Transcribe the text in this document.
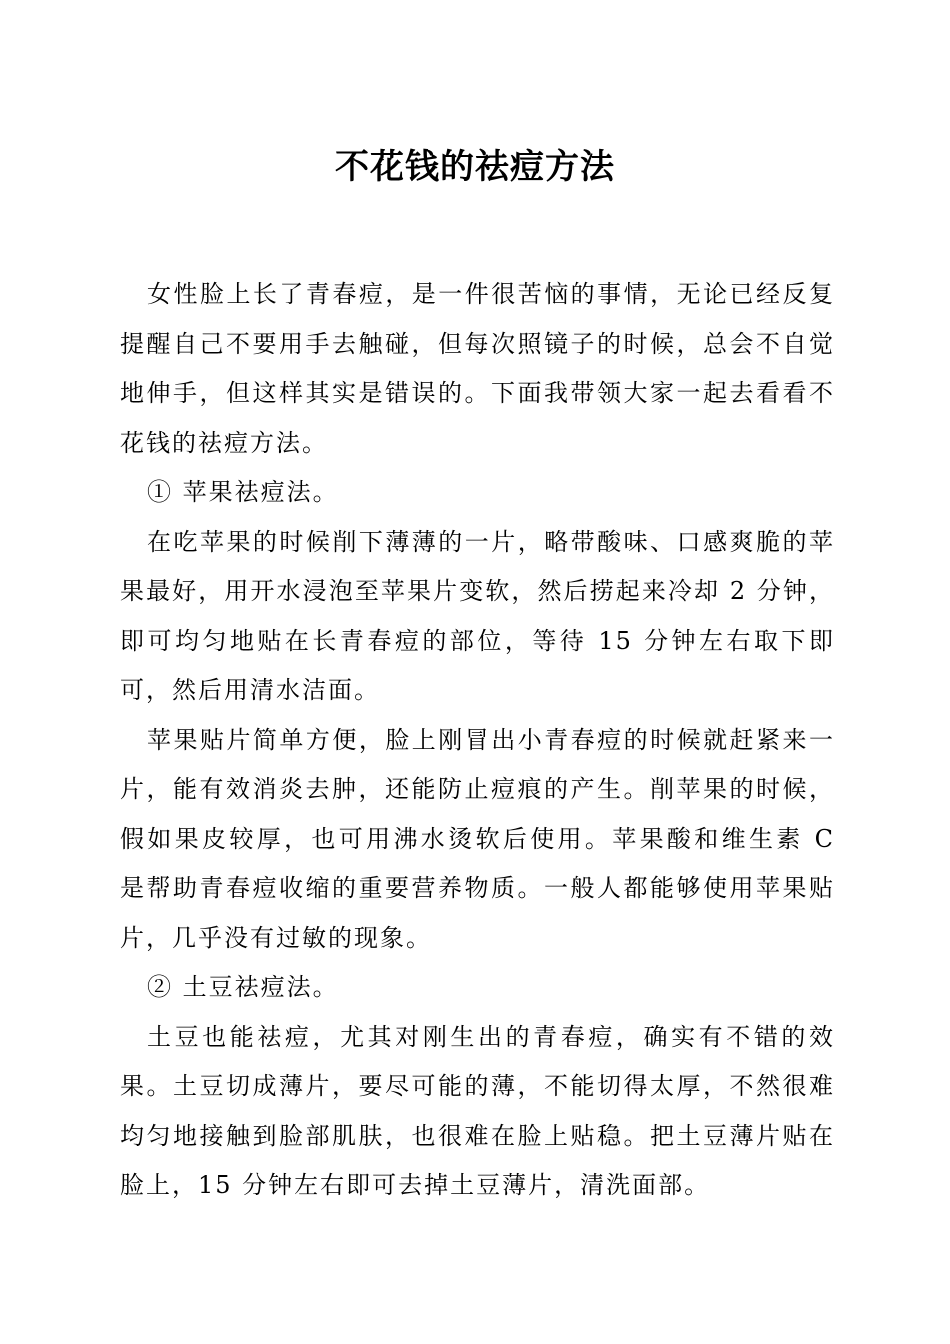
不花钱的祛痘方法

女性脸上长了青春痘，是一件很苦恼的事情，无论已经反复提醒自己不要用手去触碰，但每次照镜子的时候，总会不自觉地伸手，但这样其实是错误的。下面我带领大家一起去看看不花钱的祛痘方法。

① 苹果祛痘法。

在吃苹果的时候削下薄薄的一片，略带酸味、口感爽脆的苹果最好，用开水浸泡至苹果片变软，然后捞起来冷却 2 分钟，即可均匀地贴在长青春痘的部位，等待 15 分钟左右取下即可，然后用清水洁面。

苹果贴片简单方便，脸上刚冒出小青春痘的时候就赶紧来一片，能有效消炎去肿，还能防止痘痕的产生。削苹果的时候，假如果皮较厚，也可用沸水烫软后使用。苹果酸和维生素 C 是帮助青春痘收缩的重要营养物质。一般人都能够使用苹果贴片，几乎没有过敏的现象。

② 土豆祛痘法。

土豆也能祛痘，尤其对刚生出的青春痘，确实有不错的效果。土豆切成薄片，要尽可能的薄，不能切得太厚，不然很难均匀地接触到脸部肌肤，也很难在脸上贴稳。把土豆薄片贴在脸上，15 分钟左右即可去掉土豆薄片，清洗面部。
